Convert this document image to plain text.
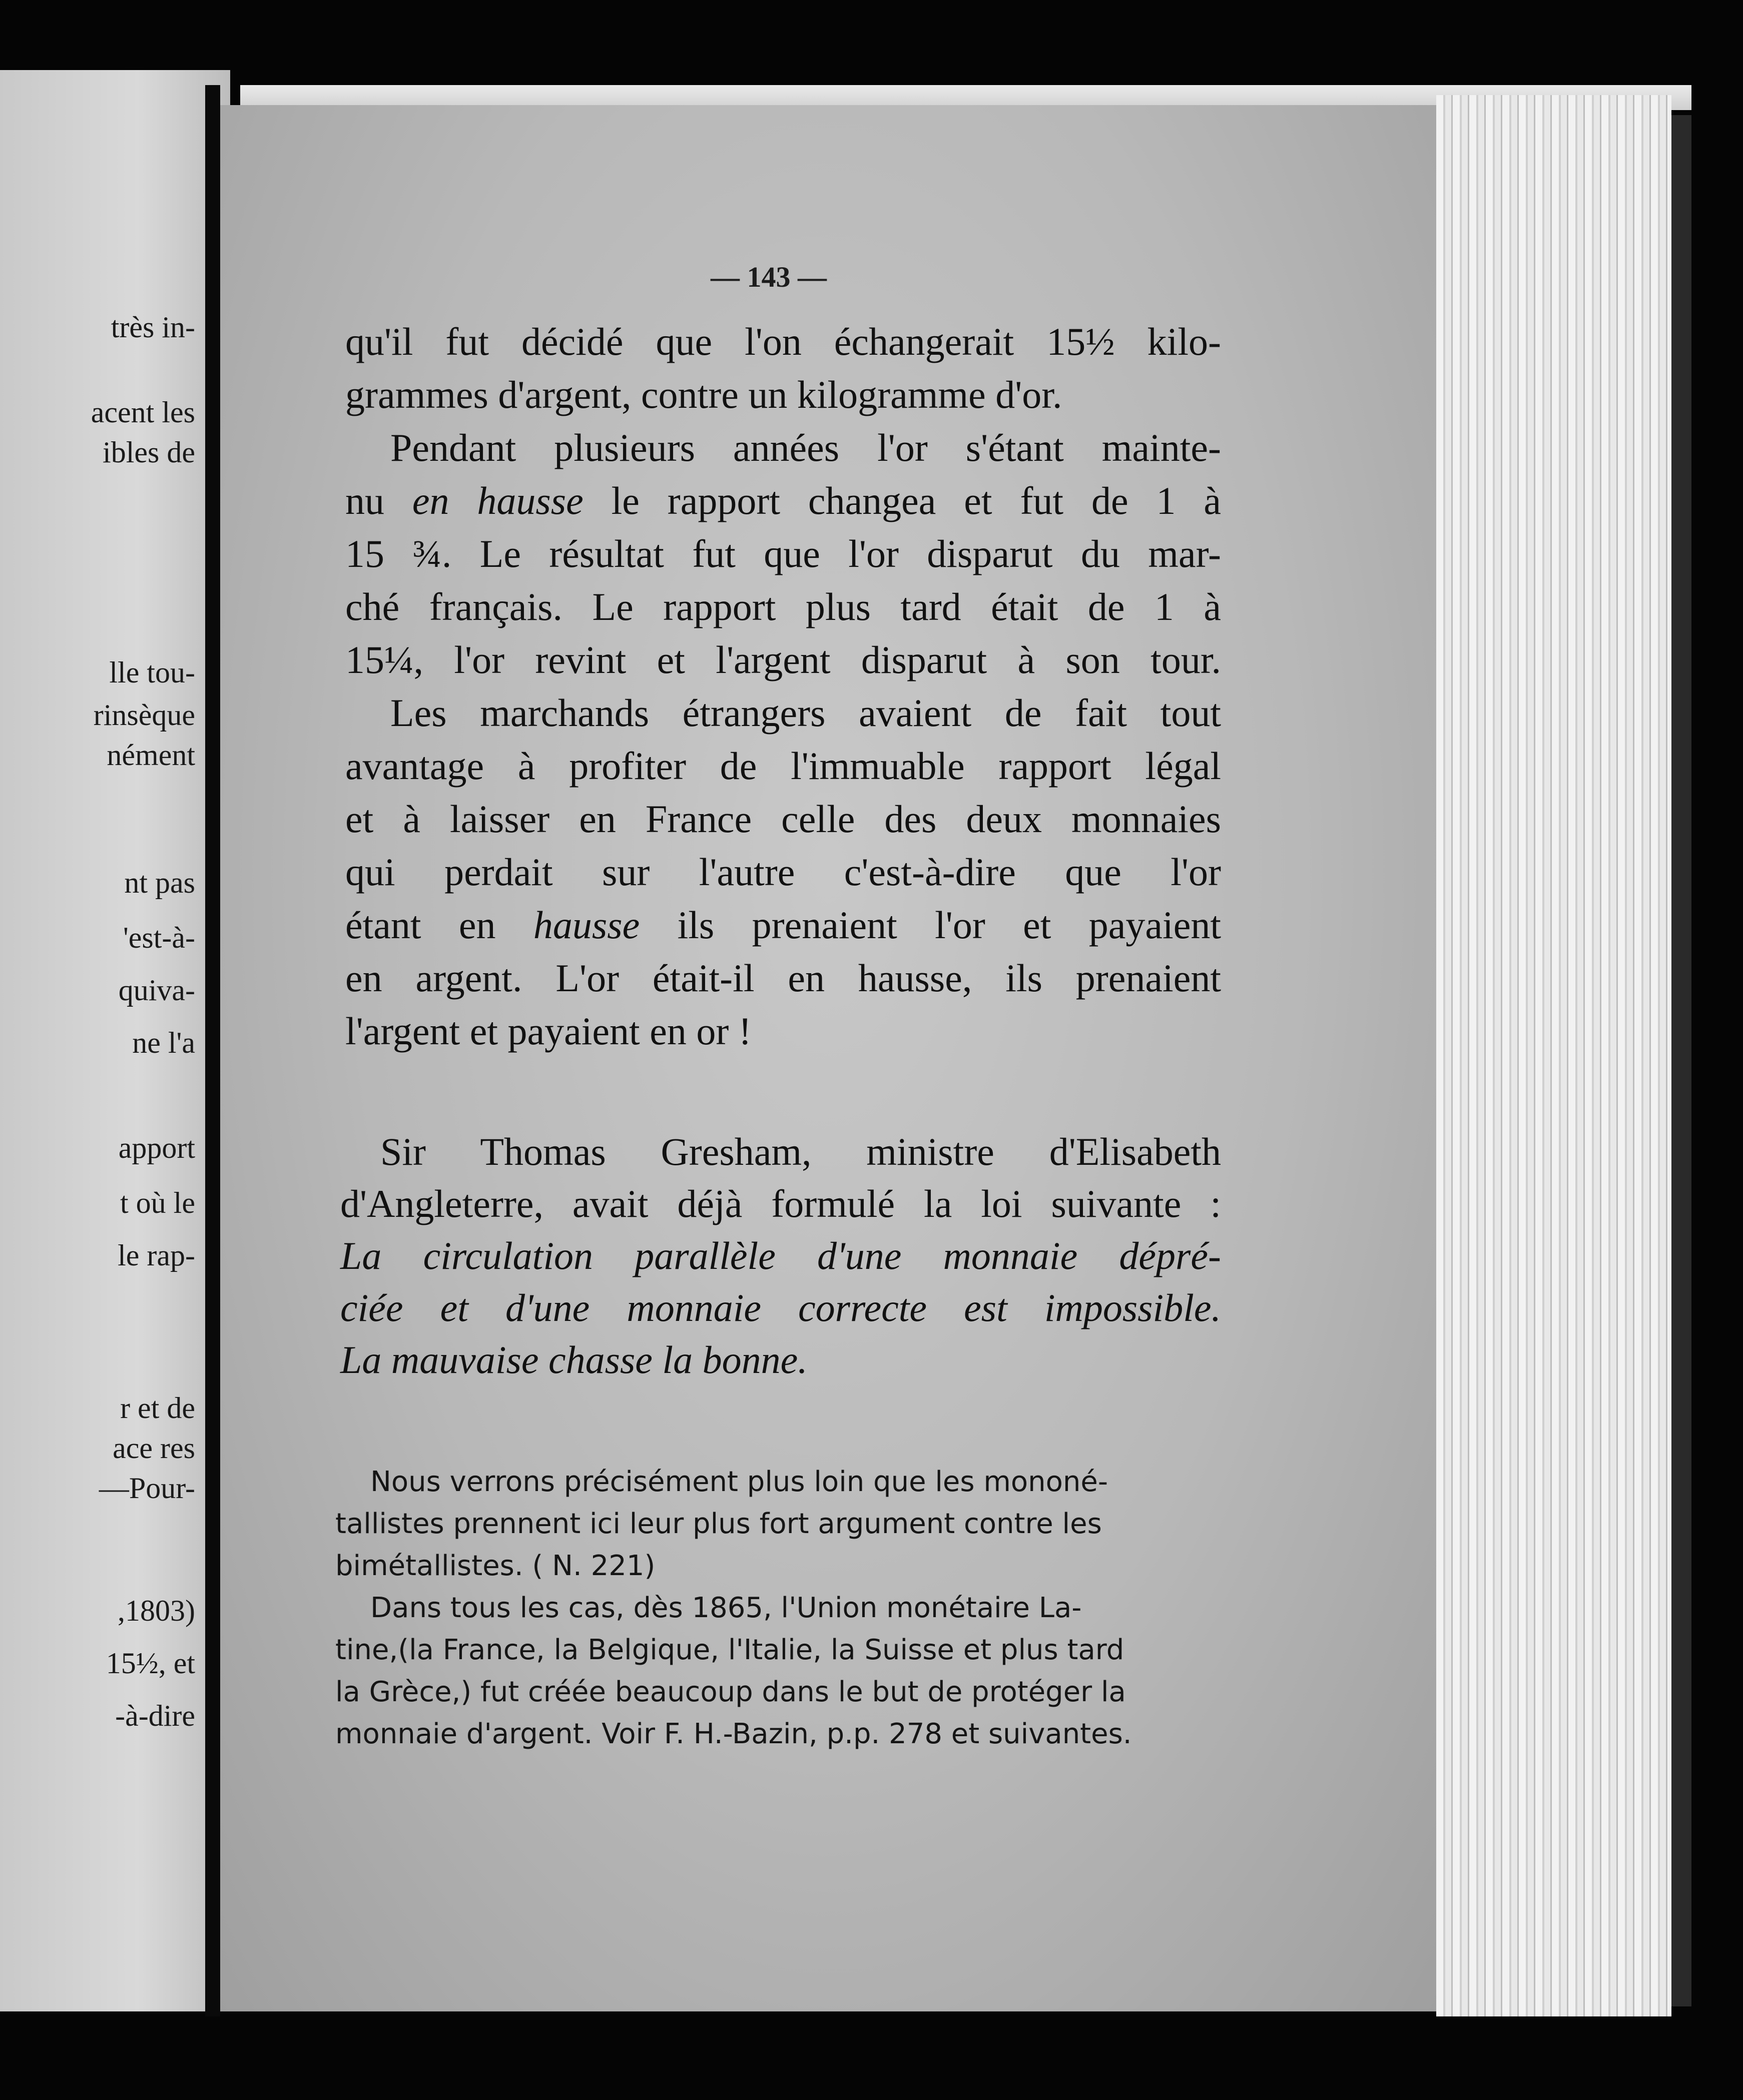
très in-
acent les
ibles de
lle tou-
rinsèque
nément
nt pas
'est-à-
quiva-
ne l'a
apport
t où le
le rap-
r et de
ace res
—Pour-
,1803)
15½, et
-à-dire
— 143 —
qu'il fut décidé que l'on échangerait 15½ kilo-
grammes d'argent, contre un kilogramme d'or.
Pendant plusieurs années l'or s'étant mainte-
nu en hausse le rapport changea et fut de 1 à
15 ¾. Le résultat fut que l'or disparut du mar-
ché français. Le rapport plus tard était de 1 à
15¼, l'or revint et l'argent disparut à son tour.
Les marchands étrangers avaient de fait tout
avantage à profiter de l'immuable rapport légal
et à laisser en France celle des deux monnaies
qui perdait sur l'autre c'est-à-dire que l'or
étant en hausse ils prenaient l'or et payaient
en argent. L'or était-il en hausse, ils prenaient
l'argent et payaient en or !
Sir Thomas Gresham, ministre d'Elisabeth
d'Angleterre, avait déjà formulé la loi suivante :
La circulation parallèle d'une monnaie dépré-
ciée et d'une monnaie correcte est impossible.
La mauvaise chasse la bonne.
Nous verrons précisément plus loin que les mononé-
tallistes prennent ici leur plus fort argument contre les
bimétallistes. ( N. 221)
Dans tous les cas, dès 1865, l'Union monétaire La-
tine,(la France, la Belgique, l'Italie, la Suisse et plus tard
la Grèce,) fut créée beaucoup dans le but de protéger la
monnaie d'argent. Voir F. H.-Bazin, p.p. 278 et suivantes.
